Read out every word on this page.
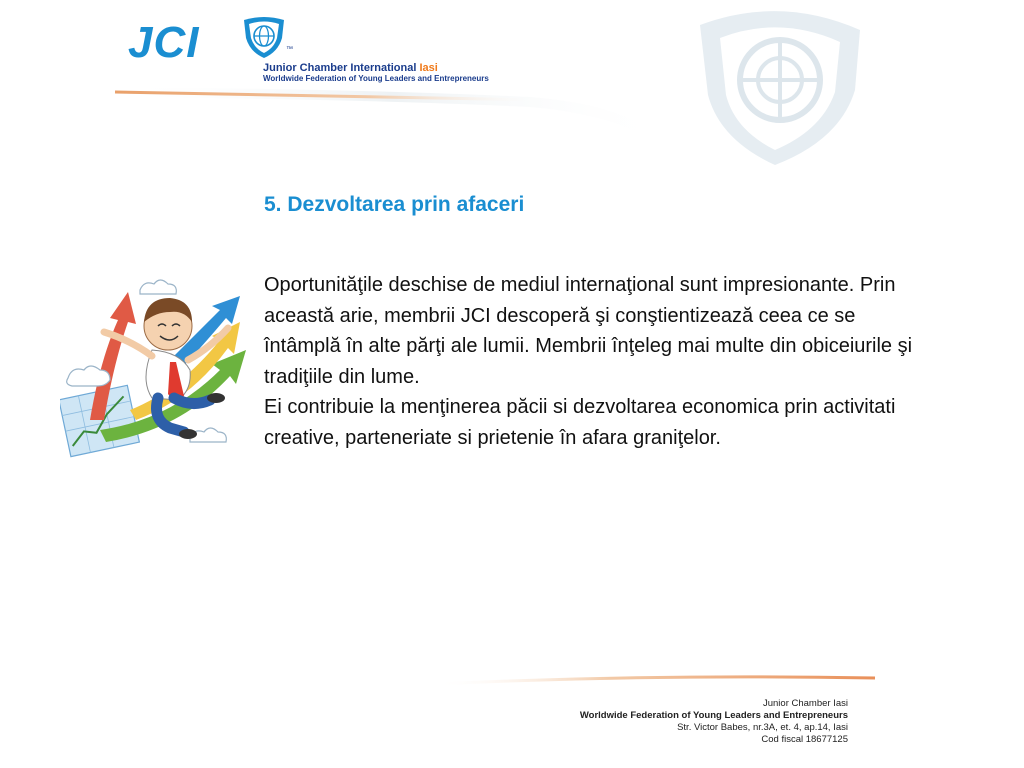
JCI	™
Junior Chamber International Iasi
Worldwide Federation of Young Leaders and Entrepreneurs
5. Dezvoltarea prin afaceri

Oportunităţile deschise de mediul internaţional sunt impresionante. Prin această arie, membrii JCI descoperă şi conştientizează ceea ce se întâmplă în alte părţi ale lumii. Membrii înţeleg mai multe din obiceiurile şi tradiţiile din lume.

Ei contribuie la menţinerea păcii si dezvoltarea economica prin activitati creative, parteneriate si prietenie în afara graniţelor.

Junior Chamber Iasi
Worldwide Federation of Young Leaders and Entrepreneurs
Str. Victor Babes, nr.3A, et. 4, ap.14, Iasi
Cod fiscal 18677125
